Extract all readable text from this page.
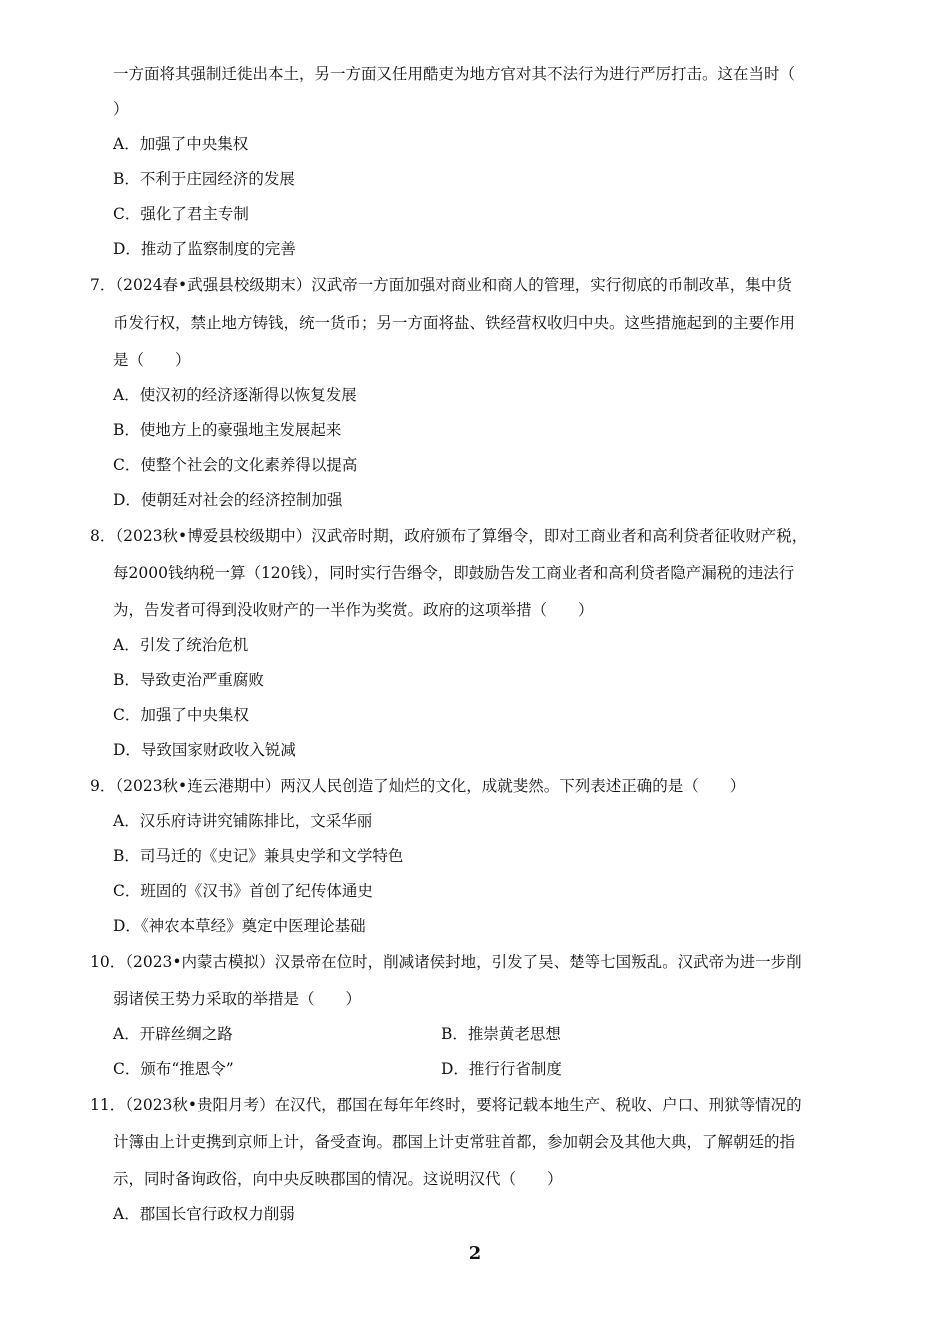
一方面将其强制迁徙出本土，另一方面又任用酷吏为地方官对其不法行为进行严厉打击。这在当时（
）
A．加强了中央集权
B．不利于庄园经济的发展
C．强化了君主专制
D．推动了监察制度的完善
7．（2024春•武强县校级期末）汉武帝一方面加强对商业和商人的管理，实行彻底的币制改革，集中货
币发行权，禁止地方铸钱，统一货币；另一方面将盐、铁经营权收归中央。这些措施起到的主要作用
是（　　）
A．使汉初的经济逐渐得以恢复发展
B．使地方上的豪强地主发展起来
C．使整个社会的文化素养得以提高
D．使朝廷对社会的经济控制加强
8．（2023秋•博爱县校级期中）汉武帝时期，政府颁布了算缗令，即对工商业者和高利贷者征收财产税，
每2000钱纳税一算（120钱），同时实行告缗令，即鼓励告发工商业者和高利贷者隐产漏税的违法行
为，告发者可得到没收财产的一半作为奖赏。政府的这项举措（　　）
A．引发了统治危机
B．导致吏治严重腐败
C．加强了中央集权
D．导致国家财政收入锐减
9．（2023秋•连云港期中）两汉人民创造了灿烂的文化，成就斐然。下列表述正确的是（　　）
A．汉乐府诗讲究铺陈排比，文采华丽
B．司马迁的《史记》兼具史学和文学特色
C．班固的《汉书》首创了纪传体通史
D．《神农本草经》奠定中医理论基础
10．（2023•内蒙古模拟）汉景帝在位时，削减诸侯封地，引发了吴、楚等七国叛乱。汉武帝为进一步削
弱诸侯王势力采取的举措是（　　）
A．开辟丝绸之路	B．推崇黄老思想
C．颁布“推恩令”	D．推行行省制度
11．（2023秋•贵阳月考）在汉代，郡国在每年年终时，要将记载本地生产、税收、户口、刑狱等情况的
计簿由上计吏携到京师上计，备受查询。郡国上计吏常驻首都，参加朝会及其他大典，了解朝廷的指
示，同时备询政俗，向中央反映郡国的情况。这说明汉代（　　）
A．郡国长官行政权力削弱
2
